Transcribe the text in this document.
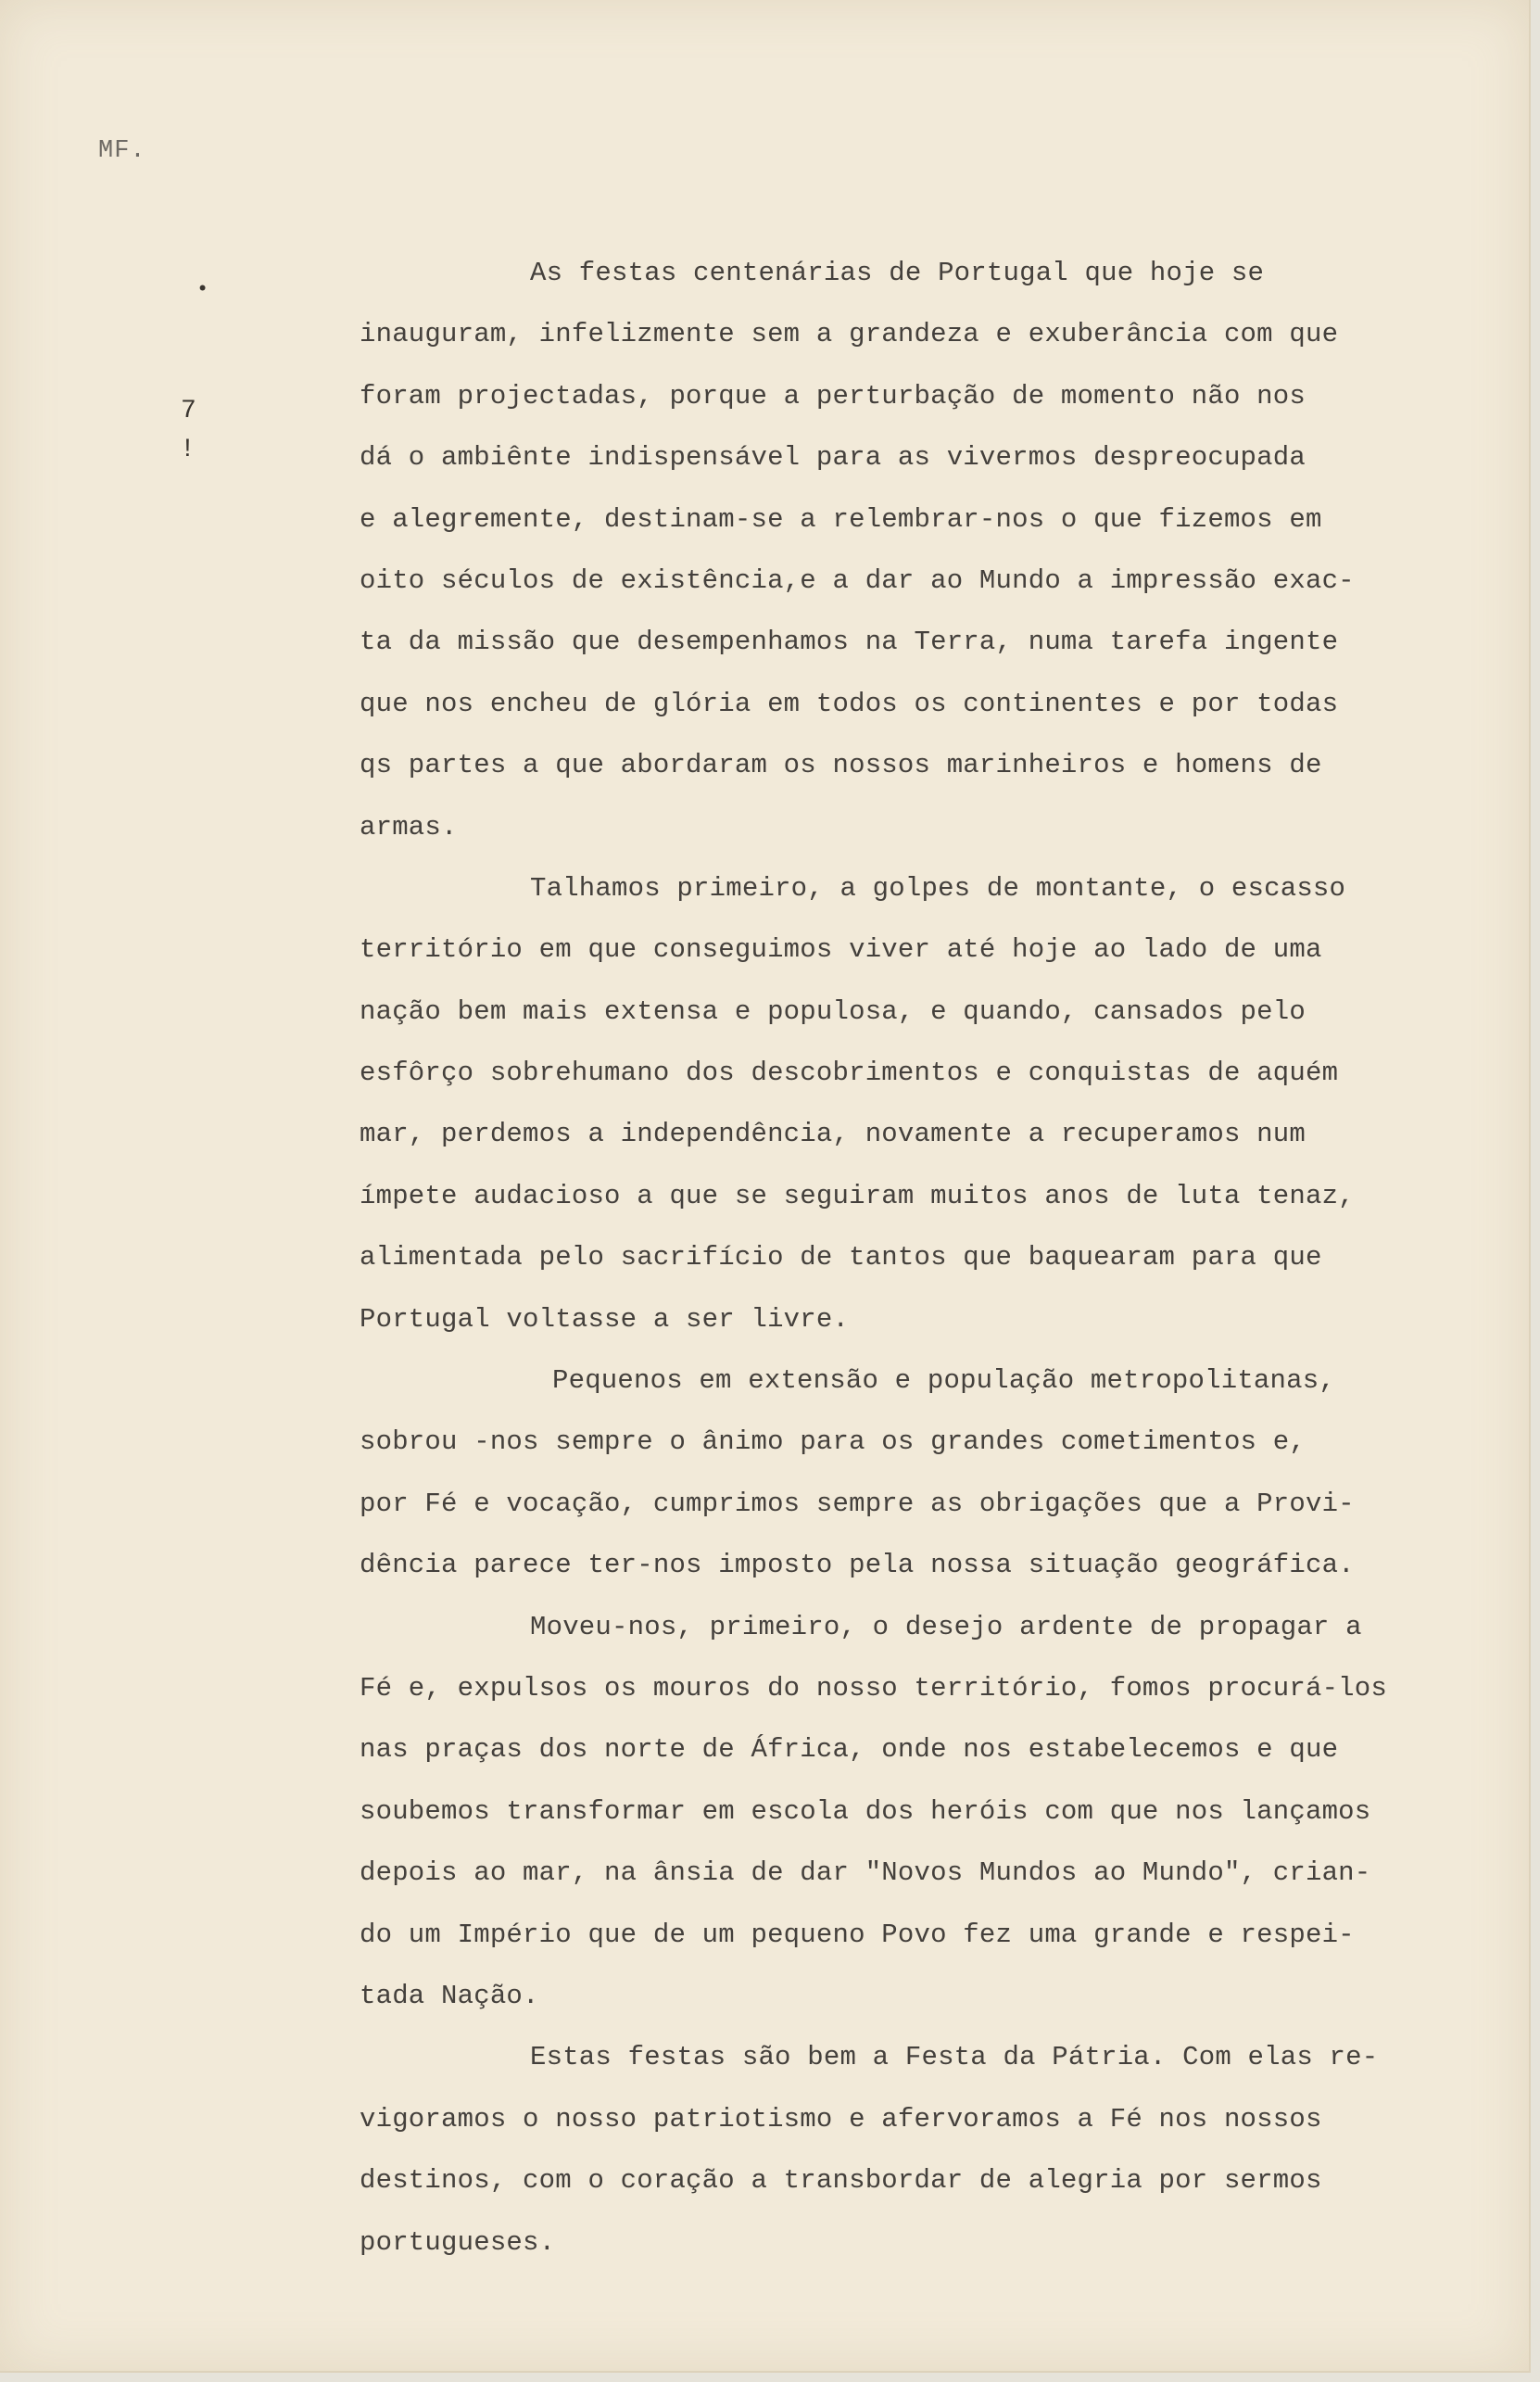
MF.
•
7
!
As festas centenárias de Portugal que hoje se
inauguram, infelizmente sem a grandeza e exuberância com que
foram projectadas, porque a perturbação de momento não nos
dá o ambiênte indispensável para as vivermos despreocupada
e alegremente, destinam-se a relembrar-nos o que fizemos em
oito séculos de existência,e a dar ao Mundo a impressão exac-
ta da missão que desempenhamos na Terra, numa tarefa ingente
que nos encheu de glória em todos os continentes e por todas
qs partes a que abordaram os nossos marinheiros e homens de
armas.
Talhamos primeiro, a golpes de montante, o escasso
território em que conseguimos viver até hoje ao lado de uma
nação bem mais extensa e populosa, e quando, cansados pelo
esfôrço sobrehumano dos descobrimentos e conquistas de aquém
mar, perdemos a independência, novamente a recuperamos num
ímpete audacioso a que se seguiram muitos anos de luta tenaz,
alimentada pelo sacrifício de tantos que baquearam para que
Portugal voltasse a ser livre.
Pequenos em extensão e população metropolitanas,
sobrou -nos sempre o ânimo para os grandes cometimentos e,
por Fé e vocação, cumprimos sempre as obrigações que a Provi-
dência parece ter-nos imposto pela nossa situação geográfica.
Moveu-nos, primeiro, o desejo ardente de propagar a
Fé e, expulsos os mouros do nosso território, fomos procurá-los
nas praças dos norte de África, onde nos estabelecemos e que
soubemos transformar em escola dos heróis com que nos lançamos
depois ao mar, na ânsia de dar "Novos Mundos ao Mundo", crian-
do um Império que de um pequeno Povo fez uma grande e respei-
tada Nação.
Estas festas são bem a Festa da Pátria. Com elas re-
vigoramos o nosso patriotismo e afervoramos a Fé nos nossos
destinos, com o coração a transbordar de alegria por sermos
portugueses.
